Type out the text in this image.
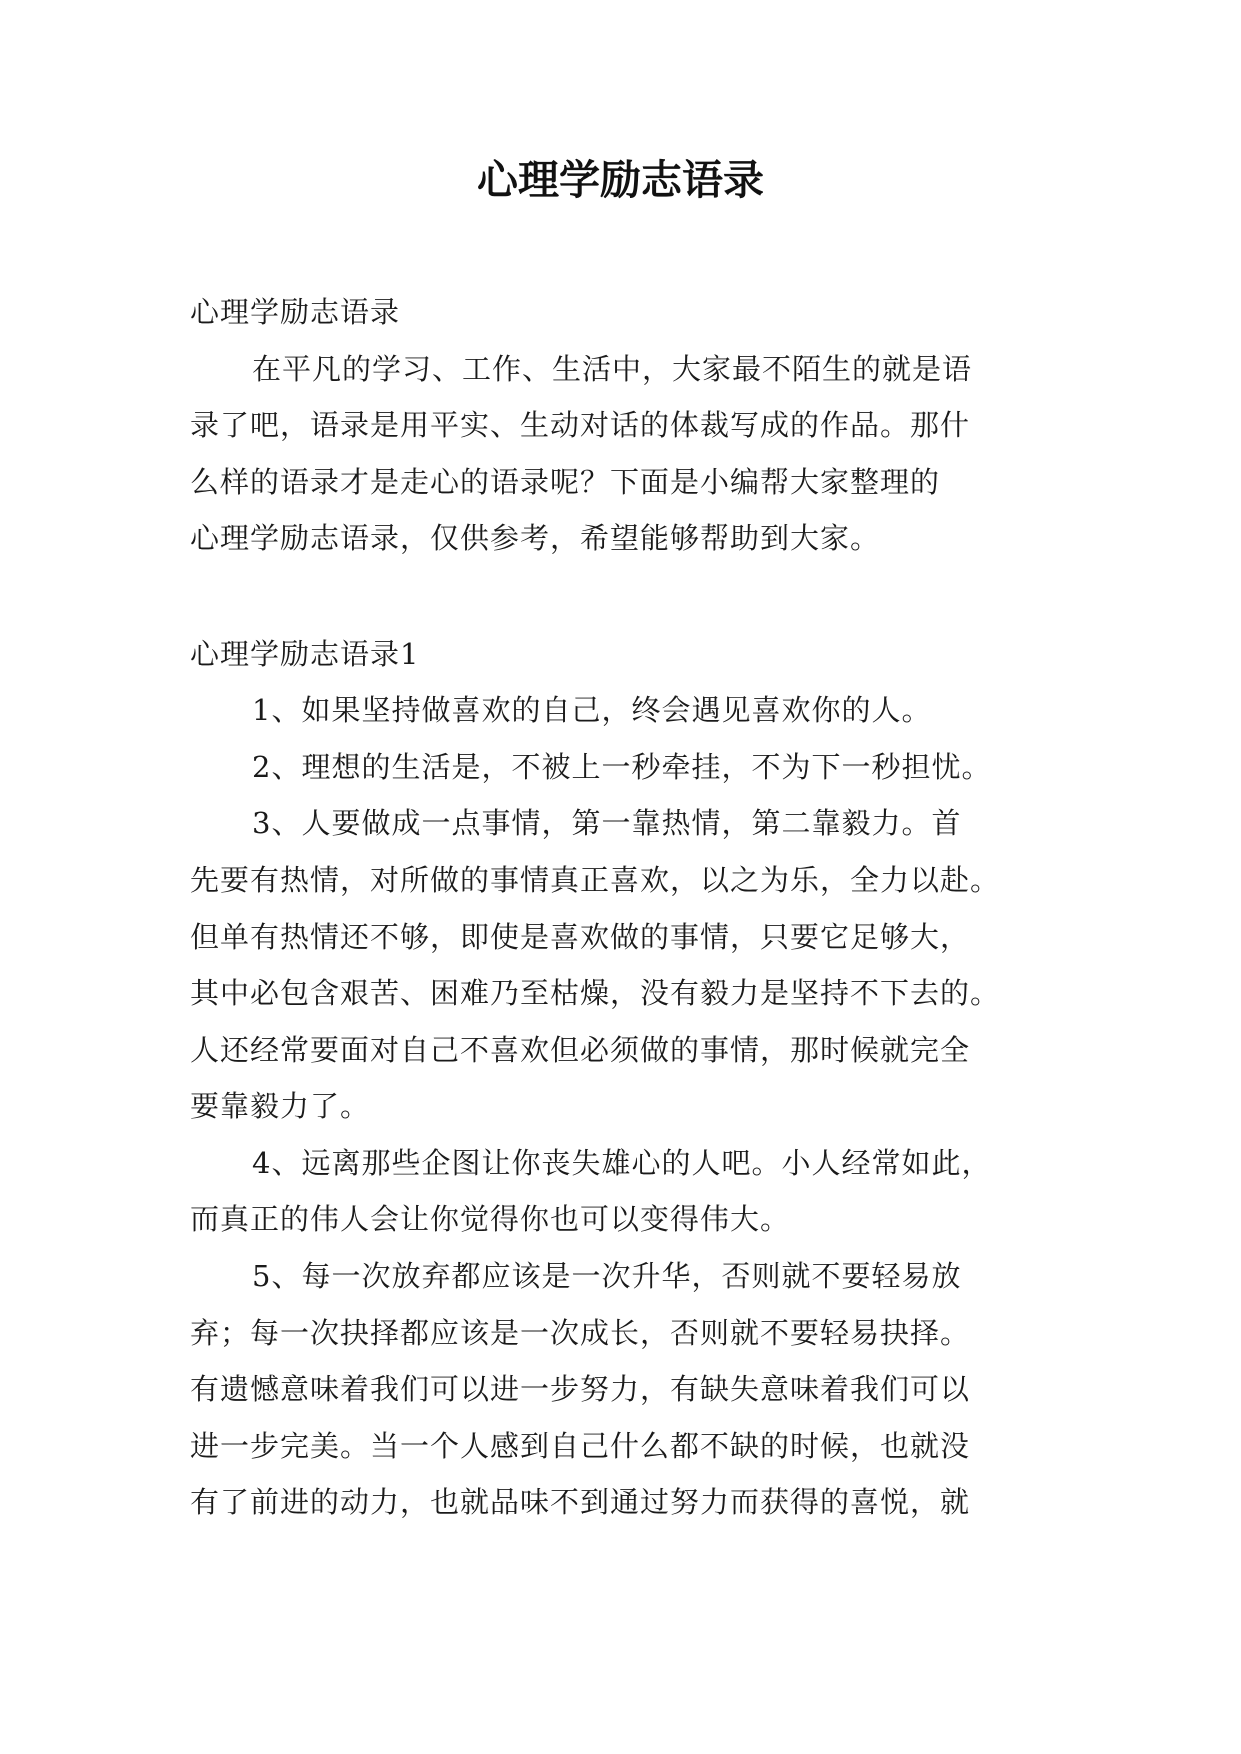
心理学励志语录
心理学励志语录
在平凡的学习、工作、生活中，大家最不陌生的就是语
录了吧，语录是用平实、生动对话的体裁写成的作品。那什
么样的语录才是走心的语录呢？下面是小编帮大家整理的
心理学励志语录，仅供参考，希望能够帮助到大家。
心理学励志语录1
1、如果坚持做喜欢的自己，终会遇见喜欢你的人。
2、理想的生活是，不被上一秒牵挂，不为下一秒担忧。
3、人要做成一点事情，第一靠热情，第二靠毅力。首
先要有热情，对所做的事情真正喜欢，以之为乐，全力以赴。
但单有热情还不够，即使是喜欢做的事情，只要它足够大，
其中必包含艰苦、困难乃至枯燥，没有毅力是坚持不下去的。
人还经常要面对自己不喜欢但必须做的事情，那时候就完全
要靠毅力了。
4、远离那些企图让你丧失雄心的人吧。小人经常如此，
而真正的伟人会让你觉得你也可以变得伟大。
5、每一次放弃都应该是一次升华，否则就不要轻易放
弃；每一次抉择都应该是一次成长，否则就不要轻易抉择。
有遗憾意味着我们可以进一步努力，有缺失意味着我们可以
进一步完美。当一个人感到自己什么都不缺的时候，也就没
有了前进的动力，也就品味不到通过努力而获得的喜悦，就
